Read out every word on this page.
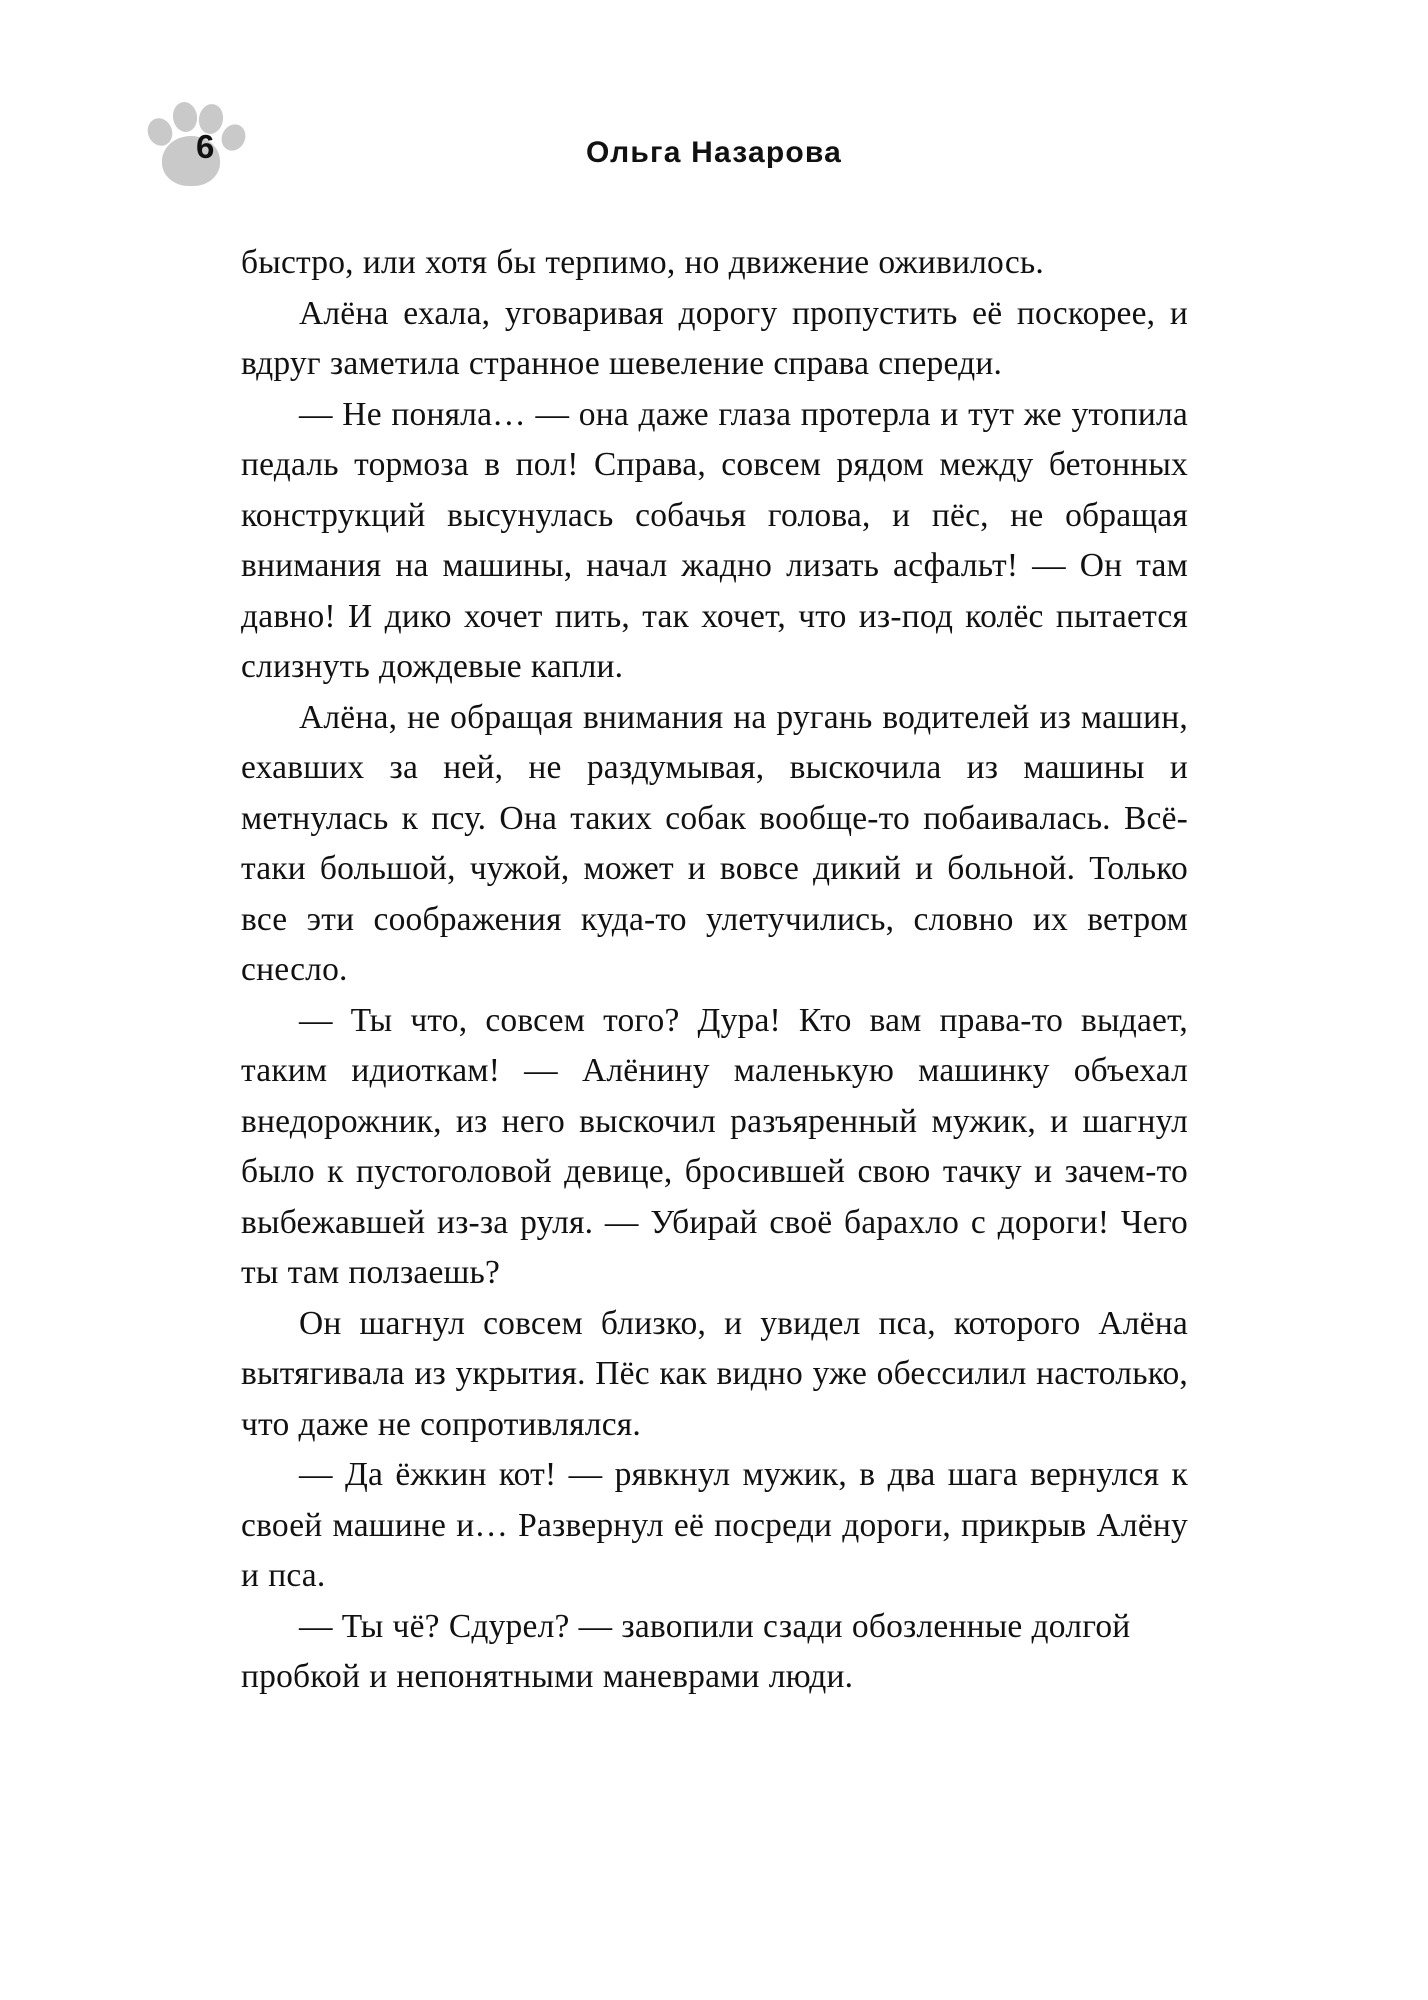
6	Ольга Назарова

быстро, или хотя бы терпимо, но движение оживилось.

Алёна ехала, уговаривая дорогу пропустить её поскорее, и вдруг заметила странное шевеление справа спереди.

— Не поняла… — она даже глаза протерла и тут же утопила педаль тормоза в пол! Справа, совсем рядом между бетонных конструкций высунулась собачья голова, и пёс, не обращая внимания на машины, начал жадно лизать асфальт! — Он там давно! И дико хочет пить, так хочет, что из-под колёс пытается слизнуть дождевые капли.

Алёна, не обращая внимания на ругань водителей из машин, ехавших за ней, не раздумывая, выскочила из машины и метнулась к псу. Она таких собак вообще-то побаивалась. Всё-таки большой, чужой, может и вовсе дикий и больной. Только все эти соображения куда-то улетучились, словно их ветром снесло.

— Ты что, совсем того? Дура! Кто вам права-то выдает, таким идиоткам! — Алёнину маленькую машинку объехал внедорожник, из него выскочил разъяренный мужик, и шагнул было к пустоголовой девице, бросившей свою тачку и зачем-то выбежавшей из-за руля. — Убирай своё барахло с дороги! Чего ты там ползаешь?

Он шагнул совсем близко, и увидел пса, которого Алёна вытягивала из укрытия. Пёс как видно уже обессилил настолько, что даже не сопротивлялся.

— Да ёжкин кот! — рявкнул мужик, в два шага вернулся к своей машине и… Развернул её посреди дороги, прикрыв Алёну и пса.

— Ты чё? Сдурел? — завопили сзади обозленные долгой пробкой и непонятными маневрами люди.
